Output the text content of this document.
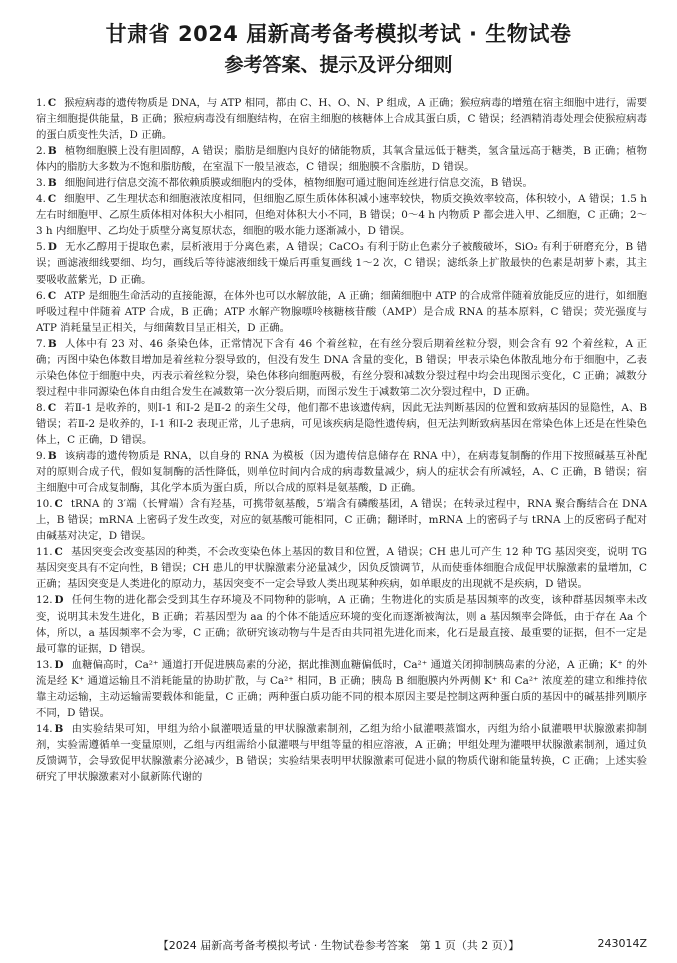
甘肃省 2024 届新高考备考模拟考试 · 生物试卷
参考答案、提示及评分细则

1. C 猴痘病毒的遗传物质是 DNA，与 ATP 相同，都由 C、H、O、N、P 组成，A 正确；猴痘病毒的增殖在宿主细胞中进行，需要宿主细胞提供能量，B 正确；猴痘病毒没有细胞结构，在宿主细胞的核糖体上合成其蛋白质，C 错误；经酒精消毒处理会使猴痘病毒的蛋白质变性失活，D 正确。

2. B 植物细胞膜上没有胆固醇，A 错误；脂肪是细胞内良好的储能物质，其氧含量远低于糖类，氢含量远高于糖类，B 正确；植物体内的脂肪大多数为不饱和脂肪酸，在室温下一般呈液态，C 错误；细胞膜不含脂肪，D 错误。

3. B 细胞间进行信息交流不都依赖质膜或细胞内的受体，植物细胞可通过胞间连丝进行信息交流，B 错误。

4. C 细胞甲、乙生理状态和细胞液浓度相同，但细胞乙原生质体体积减小速率较快，物质交换效率较高，体积较小，A 错误；1.5 h 左右时细胞甲、乙原生质体相对体积大小相同，但绝对体积大小不同，B 错误；0～4 h 内物质 P 都会进入甲、乙细胞，C 正确；2～3 h 内细胞甲、乙均处于质壁分离复原状态，细胞的吸水能力逐渐减小，D 错误。

5. D 无水乙醇用于提取色素，层析液用于分离色素，A 错误；CaCO₃ 有利于防止色素分子被酸破坏，SiO₂ 有利于研磨充分，B 错误；画滤液细线要细、均匀，画线后等待滤液细线干燥后再重复画线 1～2 次，C 错误；滤纸条上扩散最快的色素是胡萝卜素，其主要吸收蓝紫光，D 正确。

6. C ATP 是细胞生命活动的直接能源，在体外也可以水解放能，A 正确；细菌细胞中 ATP 的合成常伴随着放能反应的进行，如细胞呼吸过程中伴随着 ATP 合成，B 正确；ATP 水解产物腺嘌呤核糖核苷酸（AMP）是合成 RNA 的基本原料，C 错误；荧光强度与 ATP 消耗量呈正相关，与细菌数目呈正相关，D 正确。

7. B 人体中有 23 对、46 条染色体，正常情况下含有 46 个着丝粒，在有丝分裂后期着丝粒分裂，则会含有 92 个着丝粒，A 正确；丙图中染色体数目增加是着丝粒分裂导致的，但没有发生 DNA 含量的变化，B 错误；甲表示染色体散乱地分布于细胞中，乙表示染色体位于细胞中央，丙表示着丝粒分裂，染色体移向细胞两极，有丝分裂和减数分裂过程中均会出现图示变化，C 正确；减数分裂过程中非同源染色体自由组合发生在减数第一次分裂后期，而图示发生于减数第二次分裂过程中，D 正确。

8. C 若Ⅱ-1 是收养的，则Ⅰ-1 和Ⅰ-2 是Ⅱ-2 的亲生父母，他们都不患该遗传病，因此无法判断基因的位置和致病基因的显隐性，A、B 错误；若Ⅱ-2 是收养的，Ⅰ-1 和Ⅰ-2 表现正常，儿子患病，可见该疾病是隐性遗传病，但无法判断致病基因在常染色体上还是在性染色体上，C 正确，D 错误。

9. B 该病毒的遗传物质是 RNA，以自身的 RNA 为模板（因为遗传信息储存在 RNA 中），在病毒复制酶的作用下按照碱基互补配对的原则合成子代，假如复制酶的活性降低，则单位时间内合成的病毒数量减少，病人的症状会有所减轻，A、C 正确，B 错误；宿主细胞中可合成复制酶，其化学本质为蛋白质，所以合成的原料是氨基酸，D 正确。

10. C tRNA 的 3′端（长臂端）含有羟基，可携带氨基酸，5′端含有磷酸基团，A 错误；在转录过程中，RNA 聚合酶结合在 DNA 上，B 错误；mRNA 上密码子发生改变，对应的氨基酸可能相同，C 正确；翻译时，mRNA 上的密码子与 tRNA 上的反密码子配对由碱基对决定，D 错误。

11. C 基因突变会改变基因的种类，不会改变染色体上基因的数目和位置，A 错误；CH 患儿可产生 12 种 TG 基因突变，说明 TG 基因突变具有不定向性，B 错误；CH 患儿的甲状腺激素分泌量减少，因负反馈调节，从而使垂体细胞合成促甲状腺激素的量增加，C 正确；基因突变是人类进化的原动力，基因突变不一定会导致人类出现某种疾病，如单眼皮的出现就不是疾病，D 错误。

12. D 任何生物的进化都会受到其生存环境及不同物种的影响，A 正确；生物进化的实质是基因频率的改变，该种群基因频率未改变，说明其未发生进化，B 正确；若基因型为 aa 的个体不能适应环境的变化而逐渐被淘汰，则 a 基因频率会降低，由于存在 Aa 个体，所以，a 基因频率不会为零，C 正确；欲研究该动物与牛是否由共同祖先进化而来，化石是最直接、最重要的证据，但不一定是最可靠的证据，D 错误。

13. D 血糖偏高时，Ca²⁺ 通道打开促进胰岛素的分泌，据此推测血糖偏低时，Ca²⁺ 通道关闭抑制胰岛素的分泌，A 正确；K⁺ 的外流是经 K⁺ 通道运输且不消耗能量的协助扩散，与 Ca²⁺ 相同，B 正确；胰岛 B 细胞膜内外两侧 K⁺ 和 Ca²⁺ 浓度差的建立和维持依靠主动运输，主动运输需要载体和能量，C 正确；两种蛋白质功能不同的根本原因主要是控制这两种蛋白质的基因中的碱基排列顺序不同，D 错误。

14. B 由实验结果可知，甲组为给小鼠灌喂适量的甲状腺激素制剂，乙组为给小鼠灌喂蒸馏水，丙组为给小鼠灌喂甲状腺激素抑制剂，实验需遵循单一变量原则，乙组与丙组需给小鼠灌喂与甲组等量的相应溶液，A 正确；甲组处理为灌喂甲状腺激素制剂，通过负反馈调节，会导致促甲状腺激素分泌减少，B 错误；实验结果表明甲状腺激素可促进小鼠的物质代谢和能量转换，C 正确；上述实验研究了甲状腺激素对小鼠新陈代谢的

【2024 届新高考备考模拟考试 · 生物试卷参考答案　第 1 页（共 2 页）】	243014Z
